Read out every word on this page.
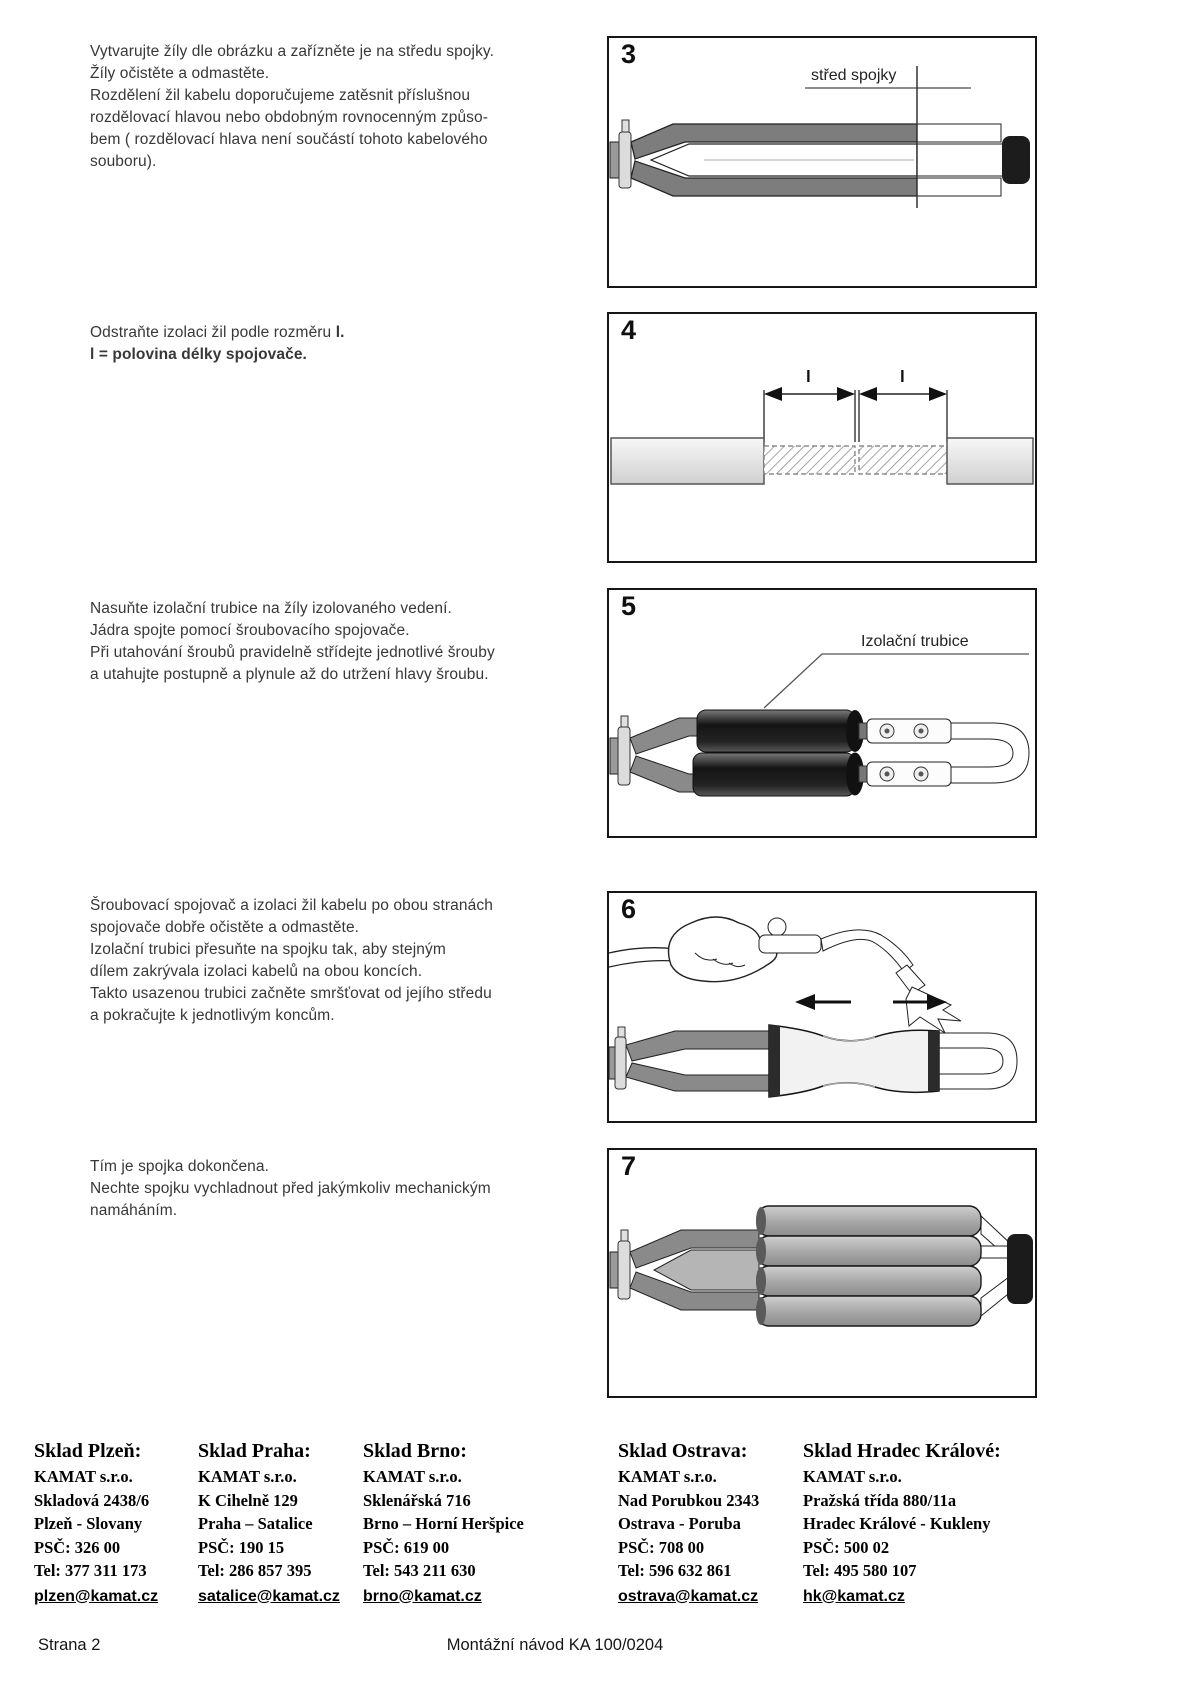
Vytvarujte žíly dle obrázku a zařízněte je na středu spojky.
Žíly očistěte a odmastěte.
Rozdělení žil kabelu doporučujeme zatěsnit příslušnou
rozdělovací hlavou nebo obdobným rovnocenným způso-
bem ( rozdělovací hlava není součástí tohoto kabelového
souboru).
Odstraňte izolaci žil podle rozměru l.
l = polovina délky spojovače.
Nasuňte izolační trubice na žíly izolovaného vedení.
Jádra spojte pomocí šroubovacího spojovače.
Při utahování šroubů pravidelně střídejte jednotlivé šrouby
a utahujte postupně a plynule až do utržení hlavy šroubu.
Šroubovací spojovač a izolaci žil kabelu po obou stranách
spojovače dobře očistěte a odmastěte.
Izolační trubici přesuňte na spojku tak, aby stejným
dílem zakrývala izolaci kabelů na obou koncích.
Takto usazenou trubici začněte smršťovat od jejího středu
a pokračujte k jednotlivým koncům.
Tím je spojka dokončena.
Nechte spojku vychladnout před jakýmkoliv mechanickým
namáháním.
3
střed spojky
4
l	l
5
Izolační trubice
6
7
Sklad Plzeň:
KAMAT s.r.o.
Skladová 2438/6
Plzeň - Slovany
PSČ: 326 00
Tel: 377 311 173
plzen@kamat.cz
Sklad Praha:
KAMAT s.r.o.
K Cihelně 129
Praha – Satalice
PSČ: 190 15
Tel: 286 857 395
satalice@kamat.cz
Sklad Brno:
KAMAT s.r.o.
Sklenářská 716
Brno – Horní Heršpice
PSČ: 619 00
Tel: 543 211 630
brno@kamat.cz
Sklad Ostrava:
KAMAT s.r.o.
Nad Porubkou 2343
Ostrava - Poruba
PSČ: 708 00
Tel: 596 632 861
ostrava@kamat.cz
Sklad Hradec Králové:
KAMAT s.r.o.
Pražská třída 880/11a
Hradec Králové - Kukleny
PSČ: 500 02
Tel: 495 580 107
hk@kamat.cz
Strana 2	Montážní návod KA 100/0204
